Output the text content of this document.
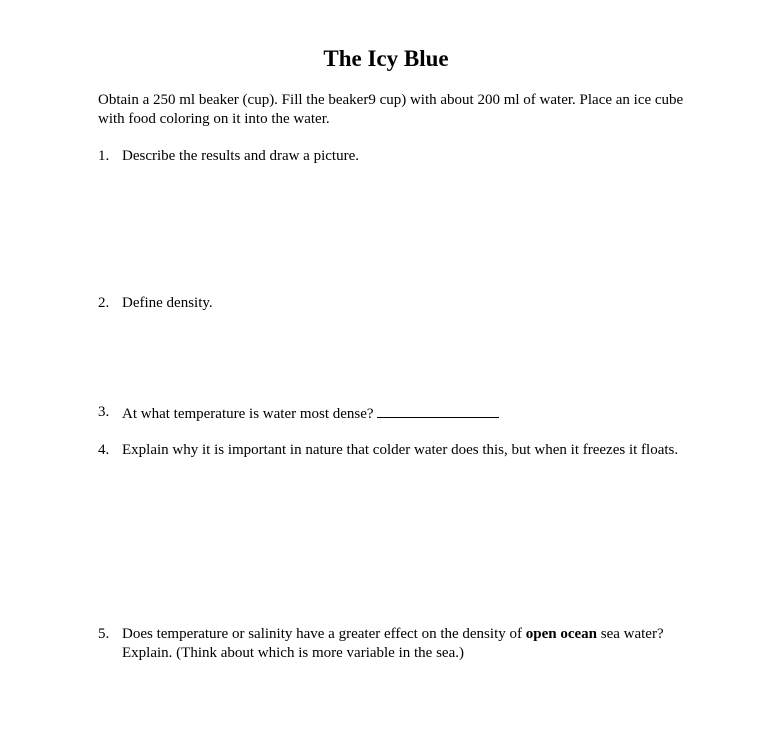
The Icy Blue
Obtain a 250 ml beaker (cup). Fill the beaker9 cup) with about 200 ml of water. Place an ice cube with food coloring on it into the water.
1. Describe the results and draw a picture.
2. Define density.
3. At what temperature is water most dense?
4. Explain why it is important in nature that colder water does this, but when it freezes it floats.
5. Does temperature or salinity have a greater effect on the density of open ocean sea water? Explain. (Think about which is more variable in the sea.)
